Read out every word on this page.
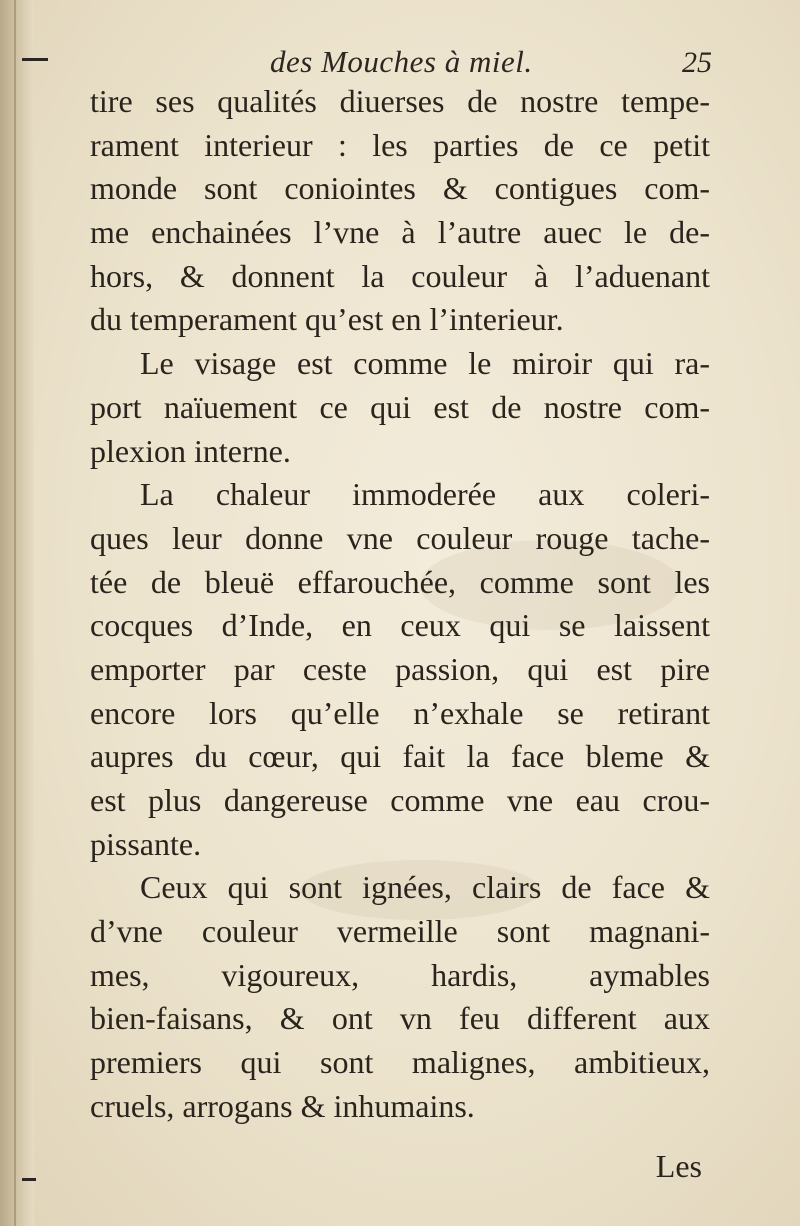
des Mouches à miel.	25
tire ses qualités diuerses de nostre tempe-
rament interieur : les parties de ce petit
monde sont coniointes & contigues com-
me enchainées l’vne à l’autre auec le de-
hors, & donnent la couleur à l’aduenant
du temperament qu’est en l’interieur.
Le visage est comme le miroir qui ra-
port naïuement ce qui est de nostre com-
plexion interne.
La chaleur immoderée aux coleri-
ques leur donne vne couleur rouge tache-
tée de bleuë effarouchée, comme sont les
cocques d’Inde, en ceux qui se laissent
emporter par ceste passion, qui est pire
encore lors qu’elle n’exhale se retirant
aupres du cœur, qui fait la face bleme &
est plus dangereuse comme vne eau crou-
pissante.
Ceux qui sont ignées, clairs de face &
d’vne couleur vermeille sont magnani-
mes, vigoureux, hardis, aymables
bien-faisans, & ont vn feu different aux
premiers qui sont malignes, ambitieux,
cruels, arrogans & inhumains.
Les
